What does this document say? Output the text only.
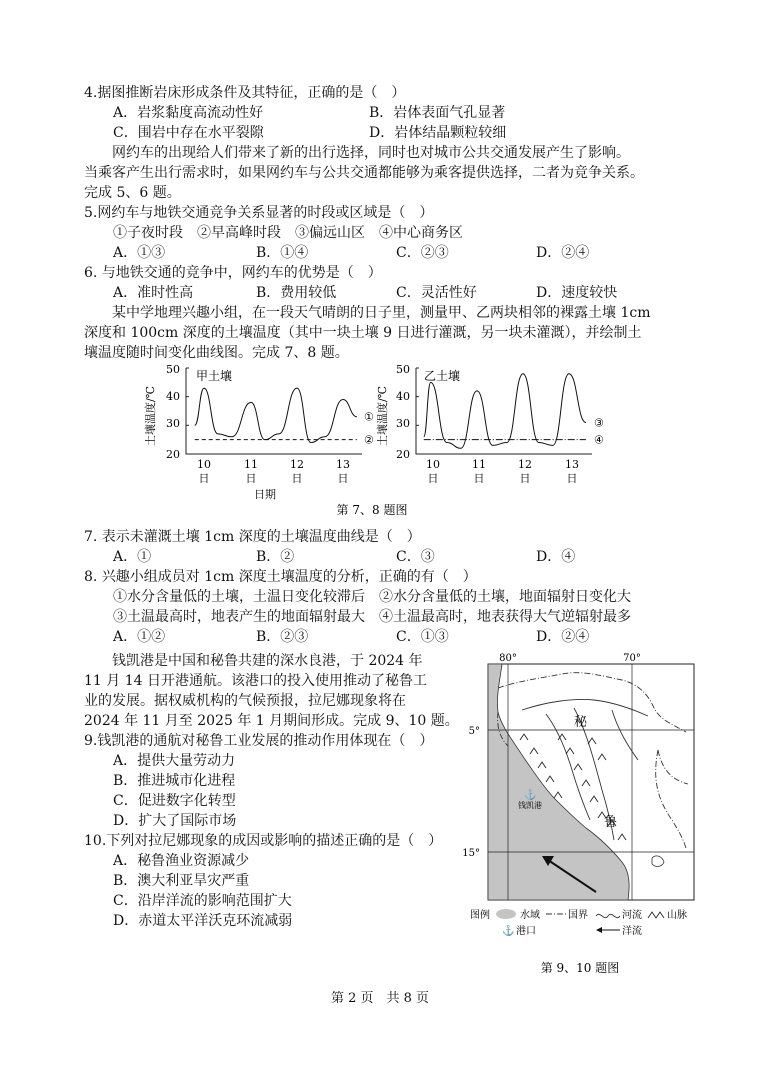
4.据图推断岩床形成条件及其特征，正确的是（　）
A．岩浆黏度高流动性好	B．岩体表面气孔显著
C．围岩中存在水平裂隙	D．岩体结晶颗粒较细
　　网约车的出现给人们带来了新的出行选择，同时也对城市公共交通发展产生了影响。
当乘客产生出行需求时，如果网约车与公共交通都能够为乘客提供选择，二者为竞争关系。
完成 5、6 题。
5.网约车与地铁交通竞争关系显著的时段或区域是（　）
①子夜时段　②早高峰时段　③偏远山区　④中心商务区
A．①③	B．①④	C．②③	D．②④
6. 与地铁交通的竞争中，网约车的优势是（　）
A．准时性高	B．费用较低	C．灵活性好	D．速度较快
　　某中学地理兴趣小组，在一段天气晴朗的日子里，测量甲、乙两块相邻的裸露土壤 1cm
深度和 100cm 深度的土壤温度（其中一块土壤 9 日进行灌溉，另一块未灌溉），并绘制土
壤温度随时间变化曲线图。完成 7、8 题。
土壤温度/℃
50
40
30
20
甲土壤
10
日
11
日
12
日
13
日
日期
①
② 土壤温度/℃
50
40
30
20
乙土壤
10
日
11
日
12
日
13
日
③
④
第 7、8 题图
7. 表示未灌溉土壤 1cm 深度的土壤温度曲线是（　）
A．①	B．②	C．③	D．④
8. 兴趣小组成员对 1cm 深度土壤温度的分析，正确的有（　）
①水分含量低的土壤，土温日变化较滞后　②水分含量低的土壤，地面辐射日变化大
③土温最高时，地表产生的地面辐射最大　④土温最高时，地表获得大气逆辐射最多
A．①②	B．②③	C．①③	D．②④
　　钱凯港是中国和秘鲁共建的深水良港，于 2024 年
11 月 14 日开港通航。该港口的投入使用推动了秘鲁工
业的发展。据权威机构的气候预报，拉尼娜现象将在
2024 年 11 月至 2025 年 1 月期间形成。完成 9、10 题。
9.钱凯港的通航对秘鲁工业发展的推动作用体现在（　）
A．提供大量劳动力
B．推进城市化进程
C．促进数字化转型
D．扩大了国际市场
10.下列对拉尼娜现象的成因或影响的描述正确的是（　）
A．秘鲁渔业资源减少
B．澳大利亚旱灾严重
C．沿岸洋流的影响范围扩大
D．赤道太平洋沃克环流减弱
80°	70°
5°
15°
⚓
钱凯港
秘
鲁
图例	水域	国界	河流	山脉
⚓ 港口	洋流
第 9、10 题图
第 2 页　共 8 页
